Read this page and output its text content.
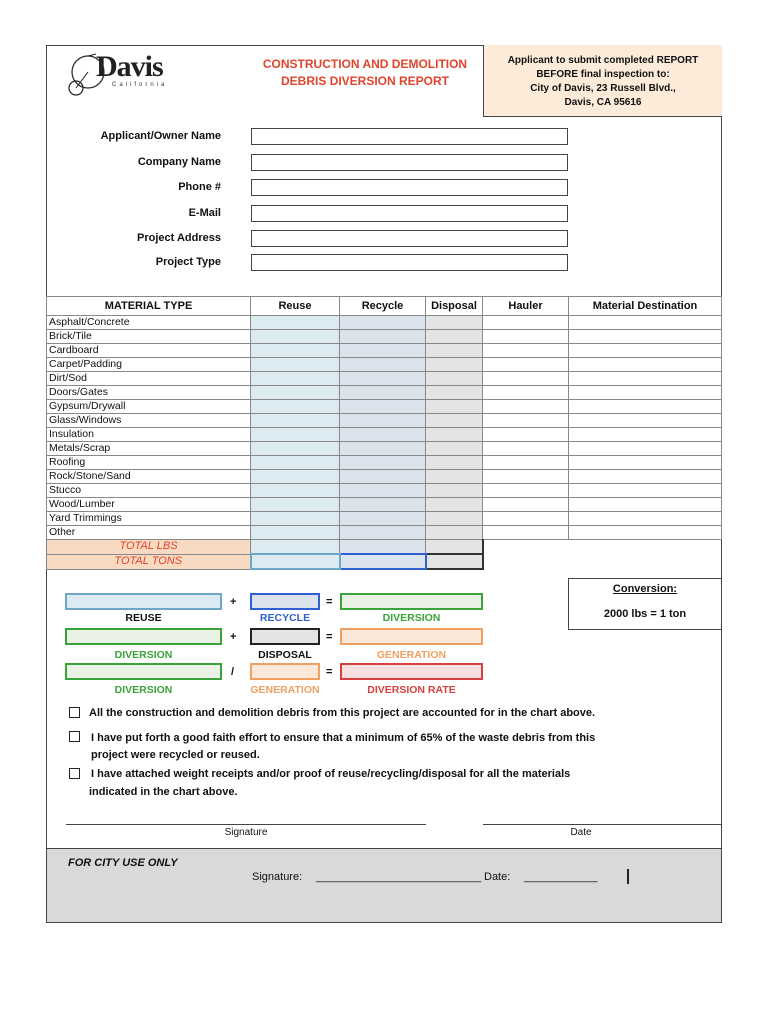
Davis
California
CONSTRUCTION AND DEMOLITION
DEBRIS DIVERSION REPORT
Applicant to submit completed REPORT
BEFORE final inspection to:
City of Davis, 23 Russell Blvd.,
Davis, CA 95616
Applicant/Owner Name
Company Name
Phone #
E-Mail
Project Address
Project Type
MATERIAL TYPE	Reuse	Recycle	Disposal	Hauler	Material Destination
Asphalt/Concrete					
Brick/Tile					
Cardboard					
Carpet/Padding					
Dirt/Sod					
Doors/Gates					
Gypsum/Drywall					
Glass/Windows					
Insulation					
Metals/Scrap					
Roofing					
Rock/Stone/Sand					
Stucco					
Wood/Lumber					
Yard Trimmings					
Other					
TOTAL LBS					
TOTAL TONS					
+	=
REUSE	RECYCLE	DIVERSION
+	=
DIVERSION	DISPOSAL	GENERATION
/	=
DIVERSION	GENERATION	DIVERSION RATE
Conversion:
2000 lbs = 1 ton
All the construction and demolition debris from this project are accounted for in the chart above.
I have put forth a good faith effort to ensure that a minimum of 65% of the waste debris from this
project were recycled or reused.
I have attached weight receipts and/or proof of reuse/recycling/disposal for all the materials
indicated in the chart above.
Signature	Date
FOR CITY USE ONLY
Signature: ___________________________ Date: ____________
